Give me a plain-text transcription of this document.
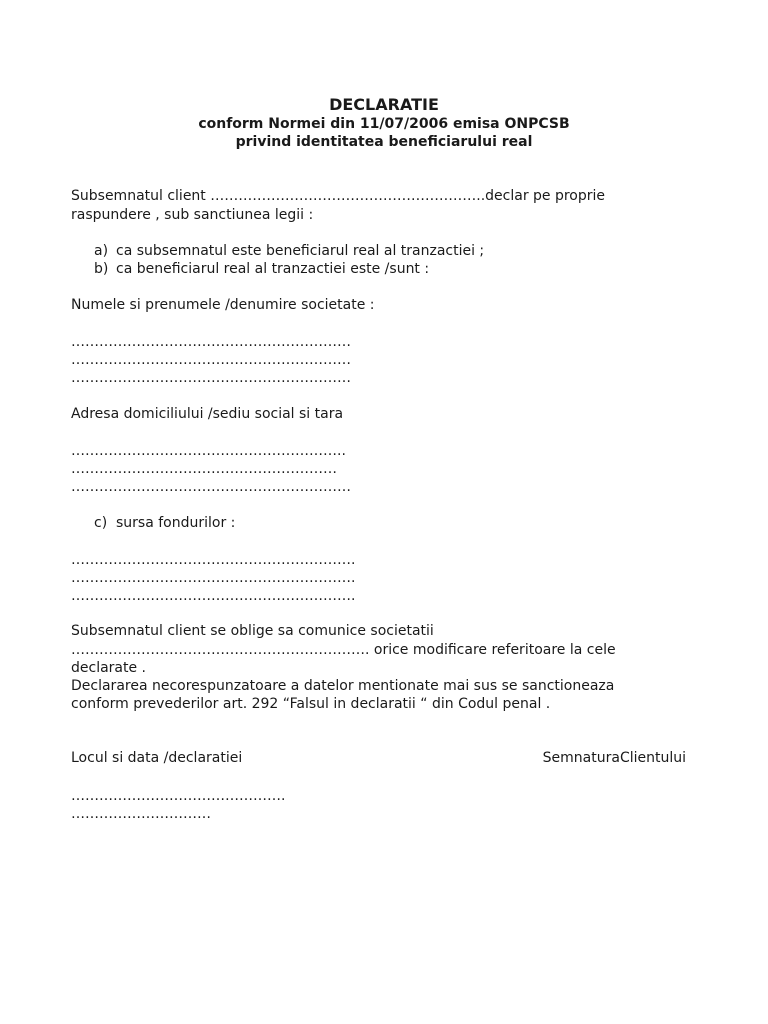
DECLARATIE
conform Normei din 11/07/2006 emisa ONPCSB
privind identitatea beneficiarului real
Subsemnatul client …………………………………………………..declar pe proprie
raspundere , sub sanctiunea legii :
a) ca subsemnatul este beneficiarul real al tranzactiei ;
b) ca beneficiarul real al tranzactiei este /sunt :
Numele si prenumele /denumire societate :
……………………………………………………
……………………………………………………
……………………………………………………
Adresa domiciliului /sediu social si tara
…………………………………………………..
…………………………………………………
……………………………………………………
c) sursa fondurilor :
…………………………………………………….
…………………………………………………….
…………………………………………………….
Subsemnatul client se oblige sa comunice societatii
………………………………………………………. orice modificare referitoare la cele
declarate .
Declararea necorespunzatoare a datelor mentionate mai sus se sanctioneaza
conform prevederilor art. 292 “Falsul in declaratii “ din Codul penal .
Locul si data /declaratiei	SemnaturaClientului
……………………………………….
…………………………
